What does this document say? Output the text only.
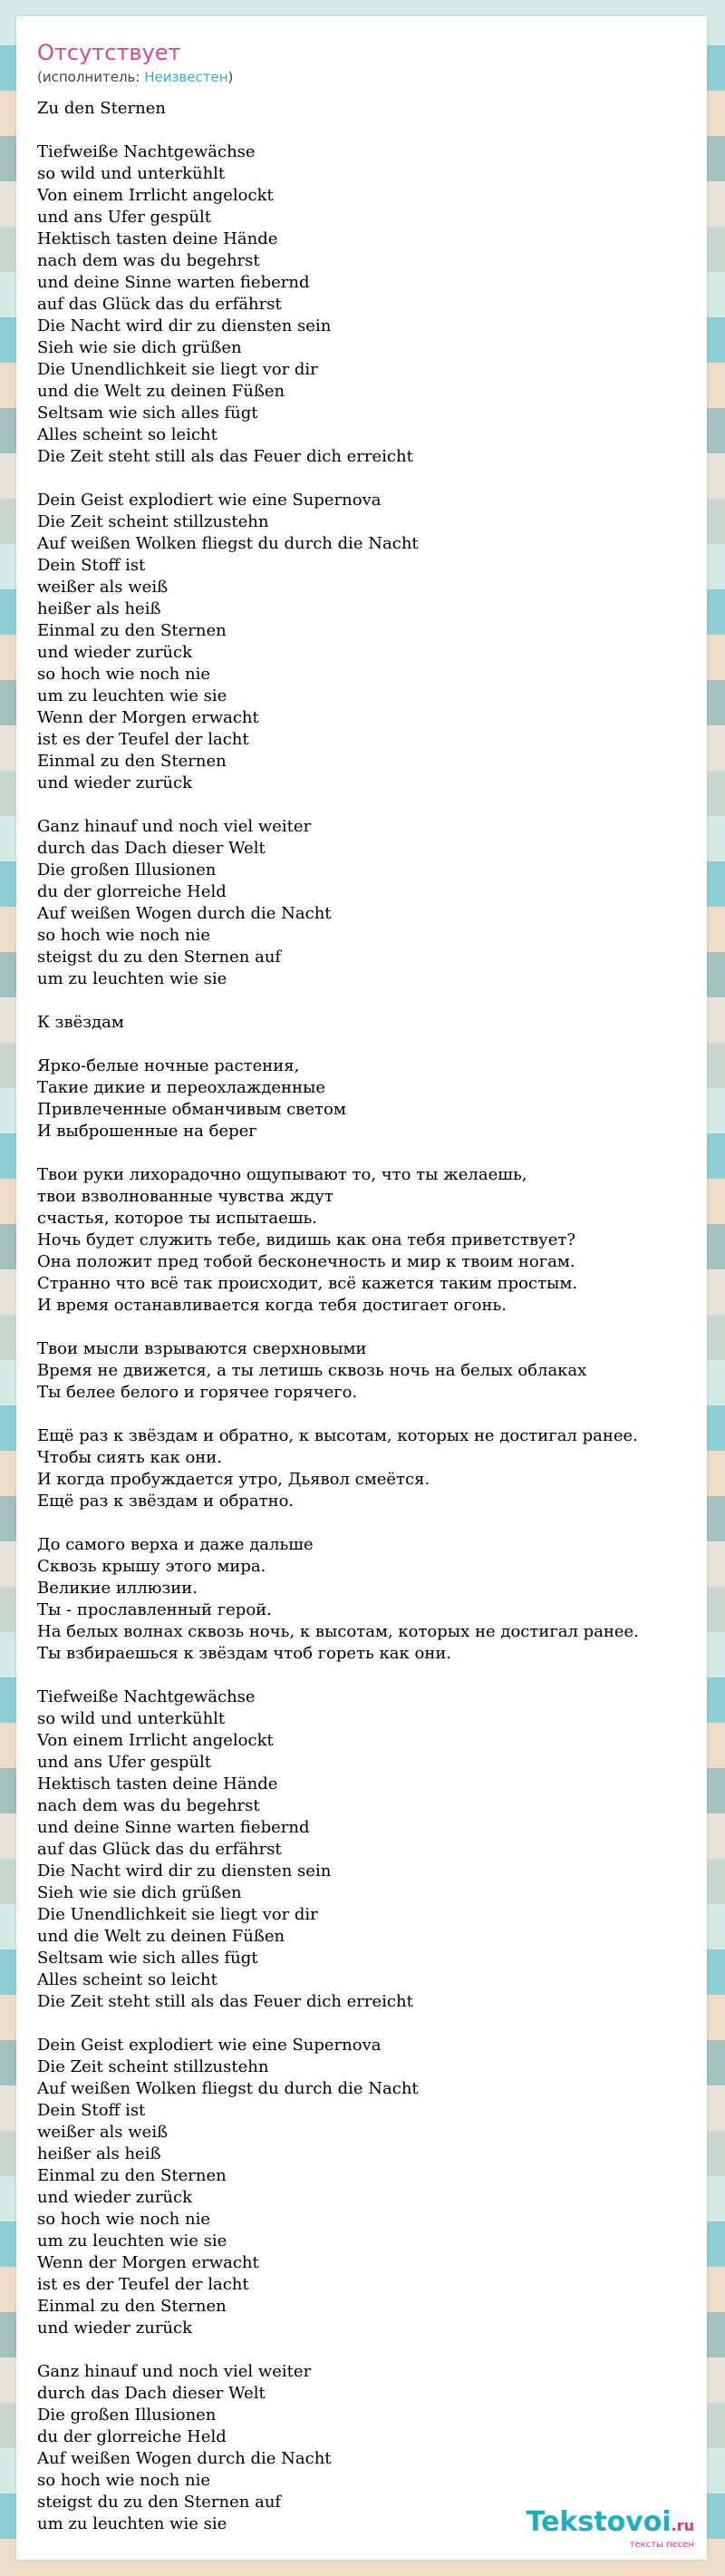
Отсутствует
(исполнитель: Неизвестен)
Zu den Sternen

Tiefweiße Nachtgewächse
so wild und unterkühlt
Von einem Irrlicht angelockt
und ans Ufer gespült
Hektisch tasten deine Hände
nach dem was du begehrst
und deine Sinne warten fiebernd
auf das Glück das du erfährst
Die Nacht wird dir zu diensten sein
Sieh wie sie dich grüßen
Die Unendlichkeit sie liegt vor dir
und die Welt zu deinen Füßen
Seltsam wie sich alles fügt
Alles scheint so leicht
Die Zeit steht still als das Feuer dich erreicht

Dein Geist explodiert wie eine Supernova
Die Zeit scheint stillzustehn
Auf weißen Wolken fliegst du durch die Nacht
Dein Stoff ist
weißer als weiß
heißer als heiß
Einmal zu den Sternen
und wieder zurück
so hoch wie noch nie
um zu leuchten wie sie
Wenn der Morgen erwacht
ist es der Teufel der lacht
Einmal zu den Sternen
und wieder zurück

Ganz hinauf und noch viel weiter
durch das Dach dieser Welt
Die großen Illusionen
du der glorreiche Held
Auf weißen Wogen durch die Nacht
so hoch wie noch nie
steigst du zu den Sternen auf
um zu leuchten wie sie

К звёздам

Ярко-белые ночные растения,
Такие дикие и переохлажденные
Привлеченные обманчивым светом
И выброшенные на берег

Твои руки лихорадочно ощупывают то, что ты желаешь,
твои взволнованные чувства ждут
счастья, которое ты испытаешь.
Ночь будет служить тебе, видишь как она тебя приветствует?
Она положит пред тобой бесконечность и мир к твоим ногам.
Странно что всё так происходит, всё кажется таким простым.
И время останавливается когда тебя достигает огонь.

Твои мысли взрываются сверхновыми
Время не движется, а ты летишь сквозь ночь на белых облаках
Ты белее белого и горячее горячего.

Ещё раз к звёздам и обратно, к высотам, которых не достигал ранее.
Чтобы сиять как они.
И когда пробуждается утро, Дьявол смеётся.
Ещё раз к звёздам и обратно.

До самого верха и даже дальше
Сквозь крышу этого мира.
Великие иллюзии.
Ты - прославленный герой.
На белых волнах сквозь ночь, к высотам, которых не достигал ранее.
Ты взбираешься к звёздам чтоб гореть как они.

Tiefweiße Nachtgewächse
so wild und unterkühlt
Von einem Irrlicht angelockt
und ans Ufer gespült
Hektisch tasten deine Hände
nach dem was du begehrst
und deine Sinne warten fiebernd
auf das Glück das du erfährst
Die Nacht wird dir zu diensten sein
Sieh wie sie dich grüßen
Die Unendlichkeit sie liegt vor dir
und die Welt zu deinen Füßen
Seltsam wie sich alles fügt
Alles scheint so leicht
Die Zeit steht still als das Feuer dich erreicht

Dein Geist explodiert wie eine Supernova
Die Zeit scheint stillzustehn
Auf weißen Wolken fliegst du durch die Nacht
Dein Stoff ist
weißer als weiß
heißer als heiß
Einmal zu den Sternen
und wieder zurück
so hoch wie noch nie
um zu leuchten wie sie
Wenn der Morgen erwacht
ist es der Teufel der lacht
Einmal zu den Sternen
und wieder zurück

Ganz hinauf und noch viel weiter
durch das Dach dieser Welt
Die großen Illusionen
du der glorreiche Held
Auf weißen Wogen durch die Nacht
so hoch wie noch nie
steigst du zu den Sternen auf
um zu leuchten wie sie	Tekstovoi.ru
тексты песен
